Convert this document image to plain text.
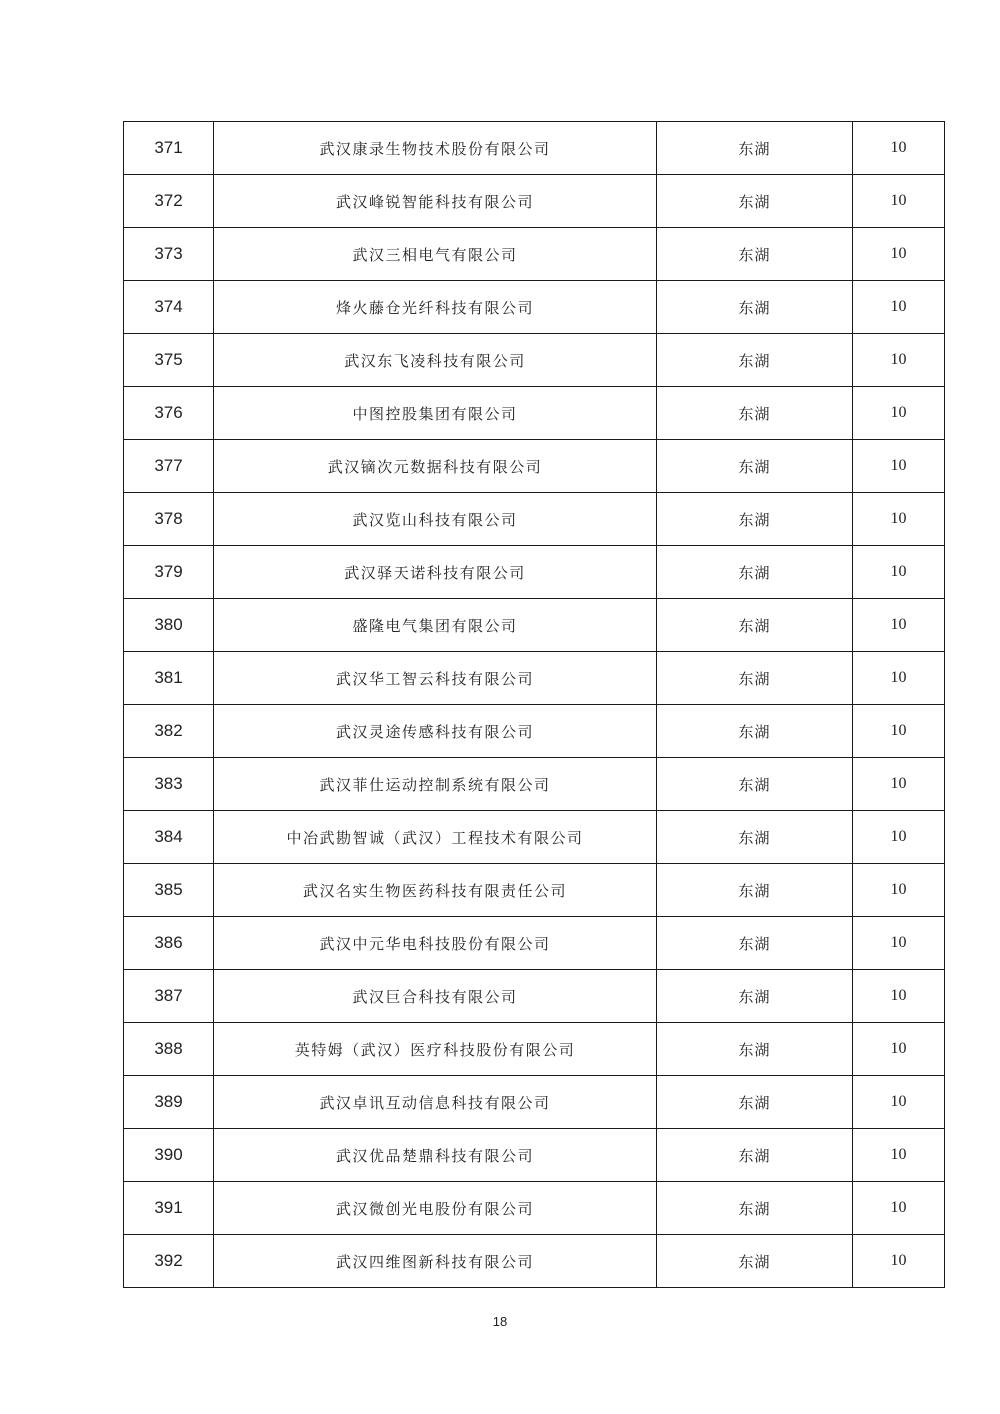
371	武汉康录生物技术股份有限公司	东湖	10
372	武汉峰锐智能科技有限公司	东湖	10
373	武汉三相电气有限公司	东湖	10
374	烽火藤仓光纤科技有限公司	东湖	10
375	武汉东飞凌科技有限公司	东湖	10
376	中图控股集团有限公司	东湖	10
377	武汉镝次元数据科技有限公司	东湖	10
378	武汉览山科技有限公司	东湖	10
379	武汉驿天诺科技有限公司	东湖	10
380	盛隆电气集团有限公司	东湖	10
381	武汉华工智云科技有限公司	东湖	10
382	武汉灵途传感科技有限公司	东湖	10
383	武汉菲仕运动控制系统有限公司	东湖	10
384	中冶武勘智诚（武汉）工程技术有限公司	东湖	10
385	武汉名实生物医药科技有限责任公司	东湖	10
386	武汉中元华电科技股份有限公司	东湖	10
387	武汉巨合科技有限公司	东湖	10
388	英特姆（武汉）医疗科技股份有限公司	东湖	10
389	武汉卓讯互动信息科技有限公司	东湖	10
390	武汉优品楚鼎科技有限公司	东湖	10
391	武汉微创光电股份有限公司	东湖	10
392	武汉四维图新科技有限公司	东湖	10
18
